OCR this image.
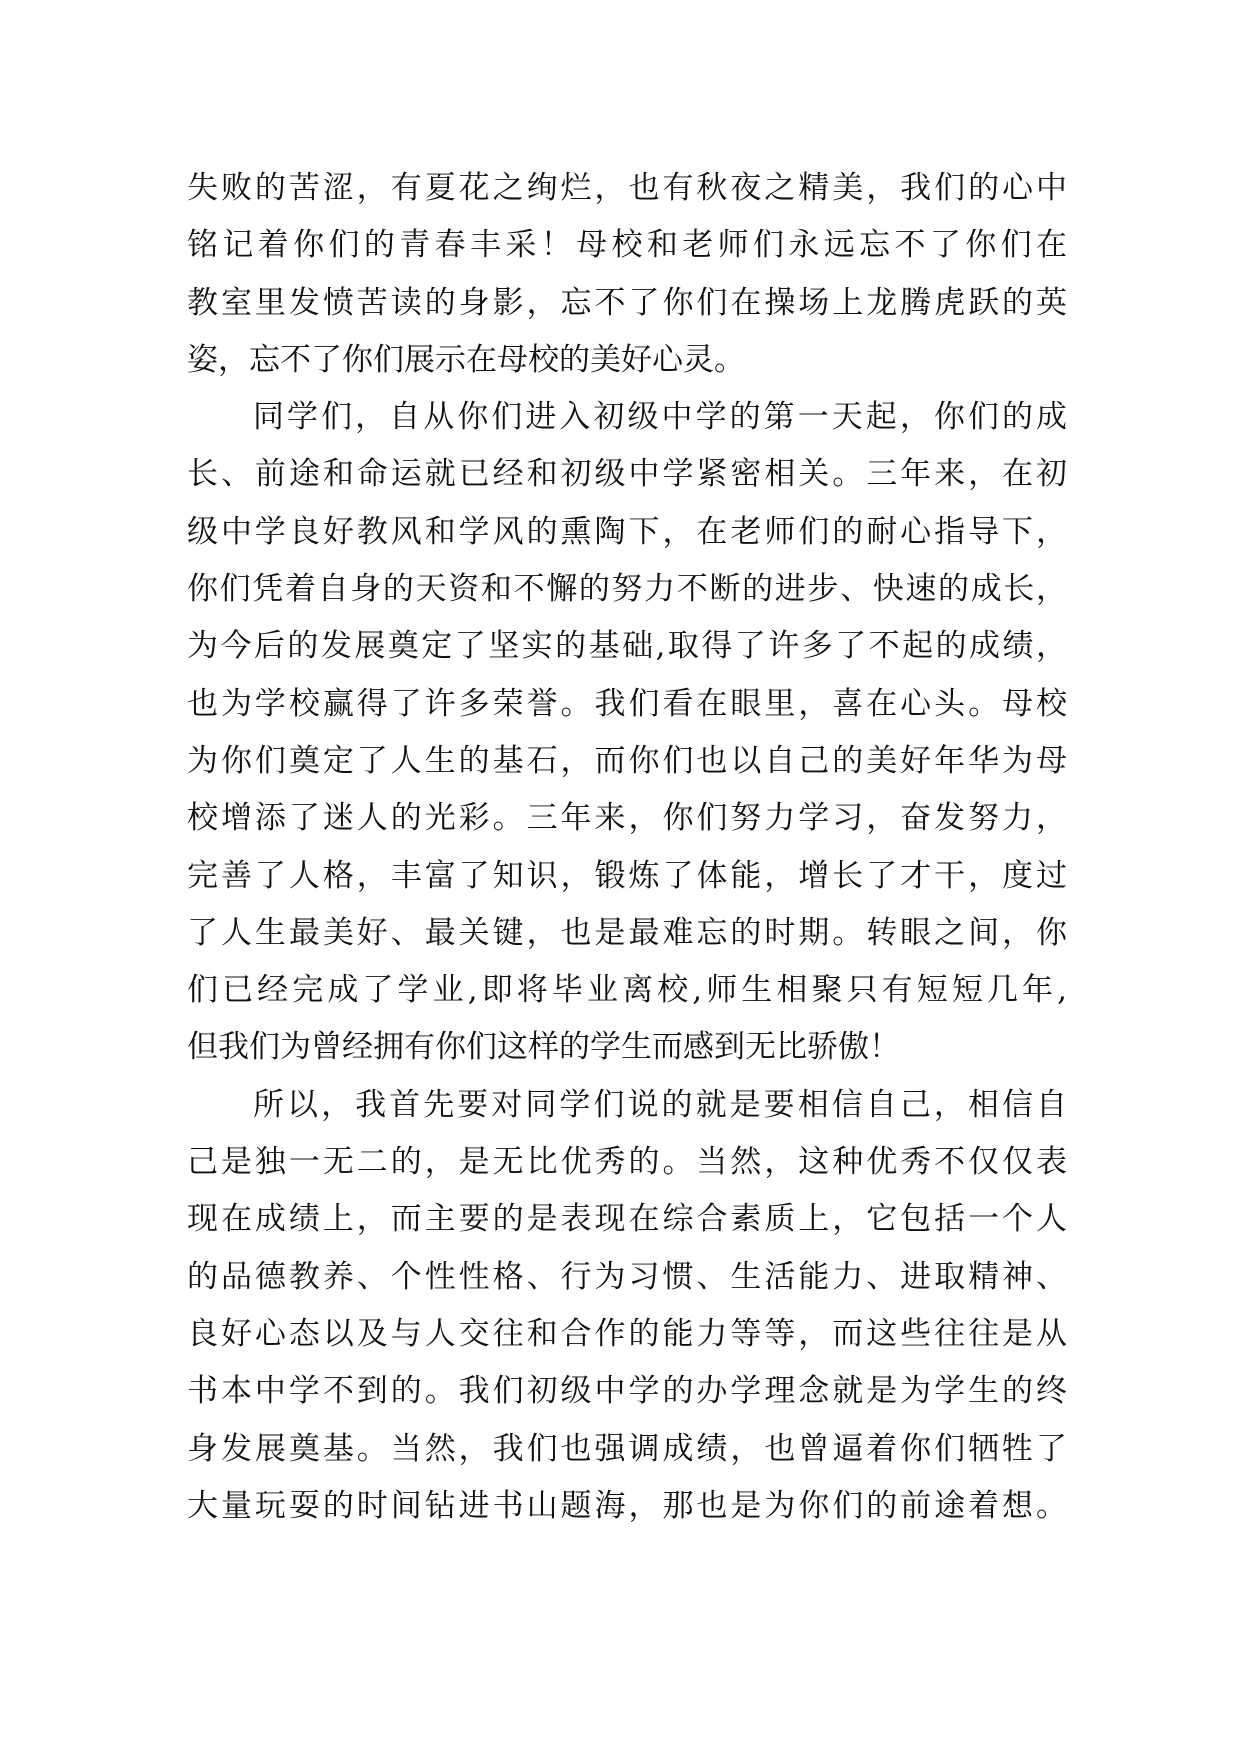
失败的苦涩，有夏花之绚烂，也有秋夜之精美，我们的心中
铭记着你们的青春丰采！母校和老师们永远忘不了你们在
教室里发愤苦读的身影，忘不了你们在操场上龙腾虎跃的英
姿，忘不了你们展示在母校的美好心灵。
同学们，自从你们进入初级中学的第一天起，你们的成
长、前途和命运就已经和初级中学紧密相关。三年来，在初
级中学良好教风和学风的熏陶下，在老师们的耐心指导下，
你们凭着自身的天资和不懈的努力不断的进步、快速的成长，
为今后的发展奠定了坚实的基础,取得了许多了不起的成绩，
也为学校赢得了许多荣誉。我们看在眼里，喜在心头。母校
为你们奠定了人生的基石，而你们也以自己的美好年华为母
校增添了迷人的光彩。三年来，你们努力学习，奋发努力，
完善了人格，丰富了知识，锻炼了体能，增长了才干，度过
了人生最美好、最关键，也是最难忘的时期。转眼之间，你
们已经完成了学业,即将毕业离校,师生相聚只有短短几年,
但我们为曾经拥有你们这样的学生而感到无比骄傲！
所以，我首先要对同学们说的就是要相信自己，相信自
己是独一无二的，是无比优秀的。当然，这种优秀不仅仅表
现在成绩上，而主要的是表现在综合素质上，它包括一个人
的品德教养、个性性格、行为习惯、生活能力、进取精神、
良好心态以及与人交往和合作的能力等等，而这些往往是从
书本中学不到的。我们初级中学的办学理念就是为学生的终
身发展奠基。当然，我们也强调成绩，也曾逼着你们牺牲了
大量玩耍的时间钻进书山题海，那也是为你们的前途着想。
